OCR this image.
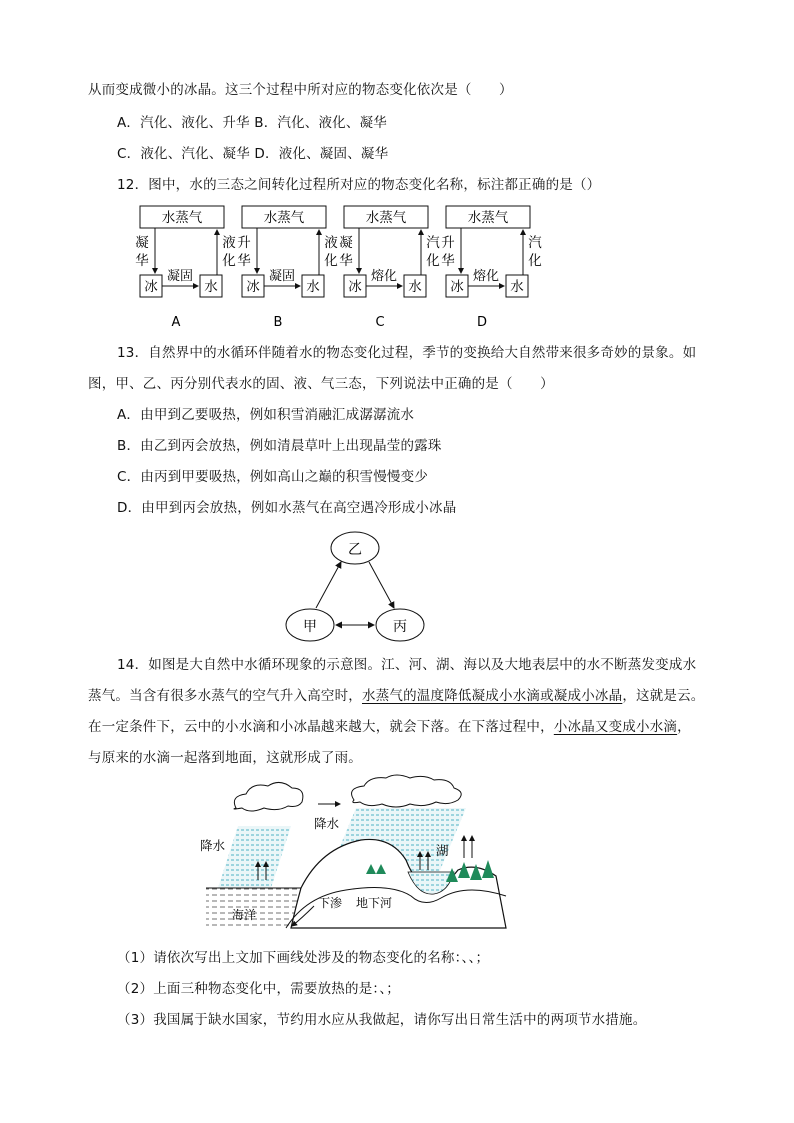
从而变成微小的冰晶。这三个过程中所对应的物态变化依次是（　　）
A．汽化、液化、升华 B．汽化、液化、凝华
C．液化、汽化、凝华 D．液化、凝固、凝华
12．图中，水的三态之间转化过程所对应的物态变化名称，标注都正确的是（）
水蒸气
冰	水
凝
华
液
化
凝固
A
水蒸气
冰	水
升
华
液
化
凝固
B
水蒸气
冰	水
凝
华
汽
化
熔化
C
水蒸气
冰	水
升
华
汽
化
熔化
D
13．自然界中的水循环伴随着水的物态变化过程，季节的变换给大自然带来很多奇妙的景象。如
图，甲、乙、丙分别代表水的固、液、气三态，下列说法中正确的是（　　）
A．由甲到乙要吸热，例如积雪消融汇成潺潺流水
B．由乙到丙会放热，例如清晨草叶上出现晶莹的露珠
C．由丙到甲要吸热，例如高山之巅的积雪慢慢变少
D．由甲到丙会放热，例如水蒸气在高空遇冷形成小冰晶
乙
甲	丙
14．如图是大自然中水循环现象的示意图。江、河、湖、海以及大地表层中的水不断蒸发变成水
蒸气。当含有很多水蒸气的空气升入高空时，水蒸气的温度降低凝成小水滴或凝成小冰晶，这就是云。
在一定条件下，云中的小水滴和小冰晶越来越大，就会下落。在下落过程中，小冰晶又变成小水滴，
与原来的水滴一起落到地面，这就形成了雨。
降水
降水
海洋
湖
下渗 地下河
（1）请依次写出上文加下画线处涉及的物态变化的名称：、、；
（2）上面三种物态变化中，需要放热的是：、；
（3）我国属于缺水国家，节约用水应从我做起，请你写出日常生活中的两项节水措施。
